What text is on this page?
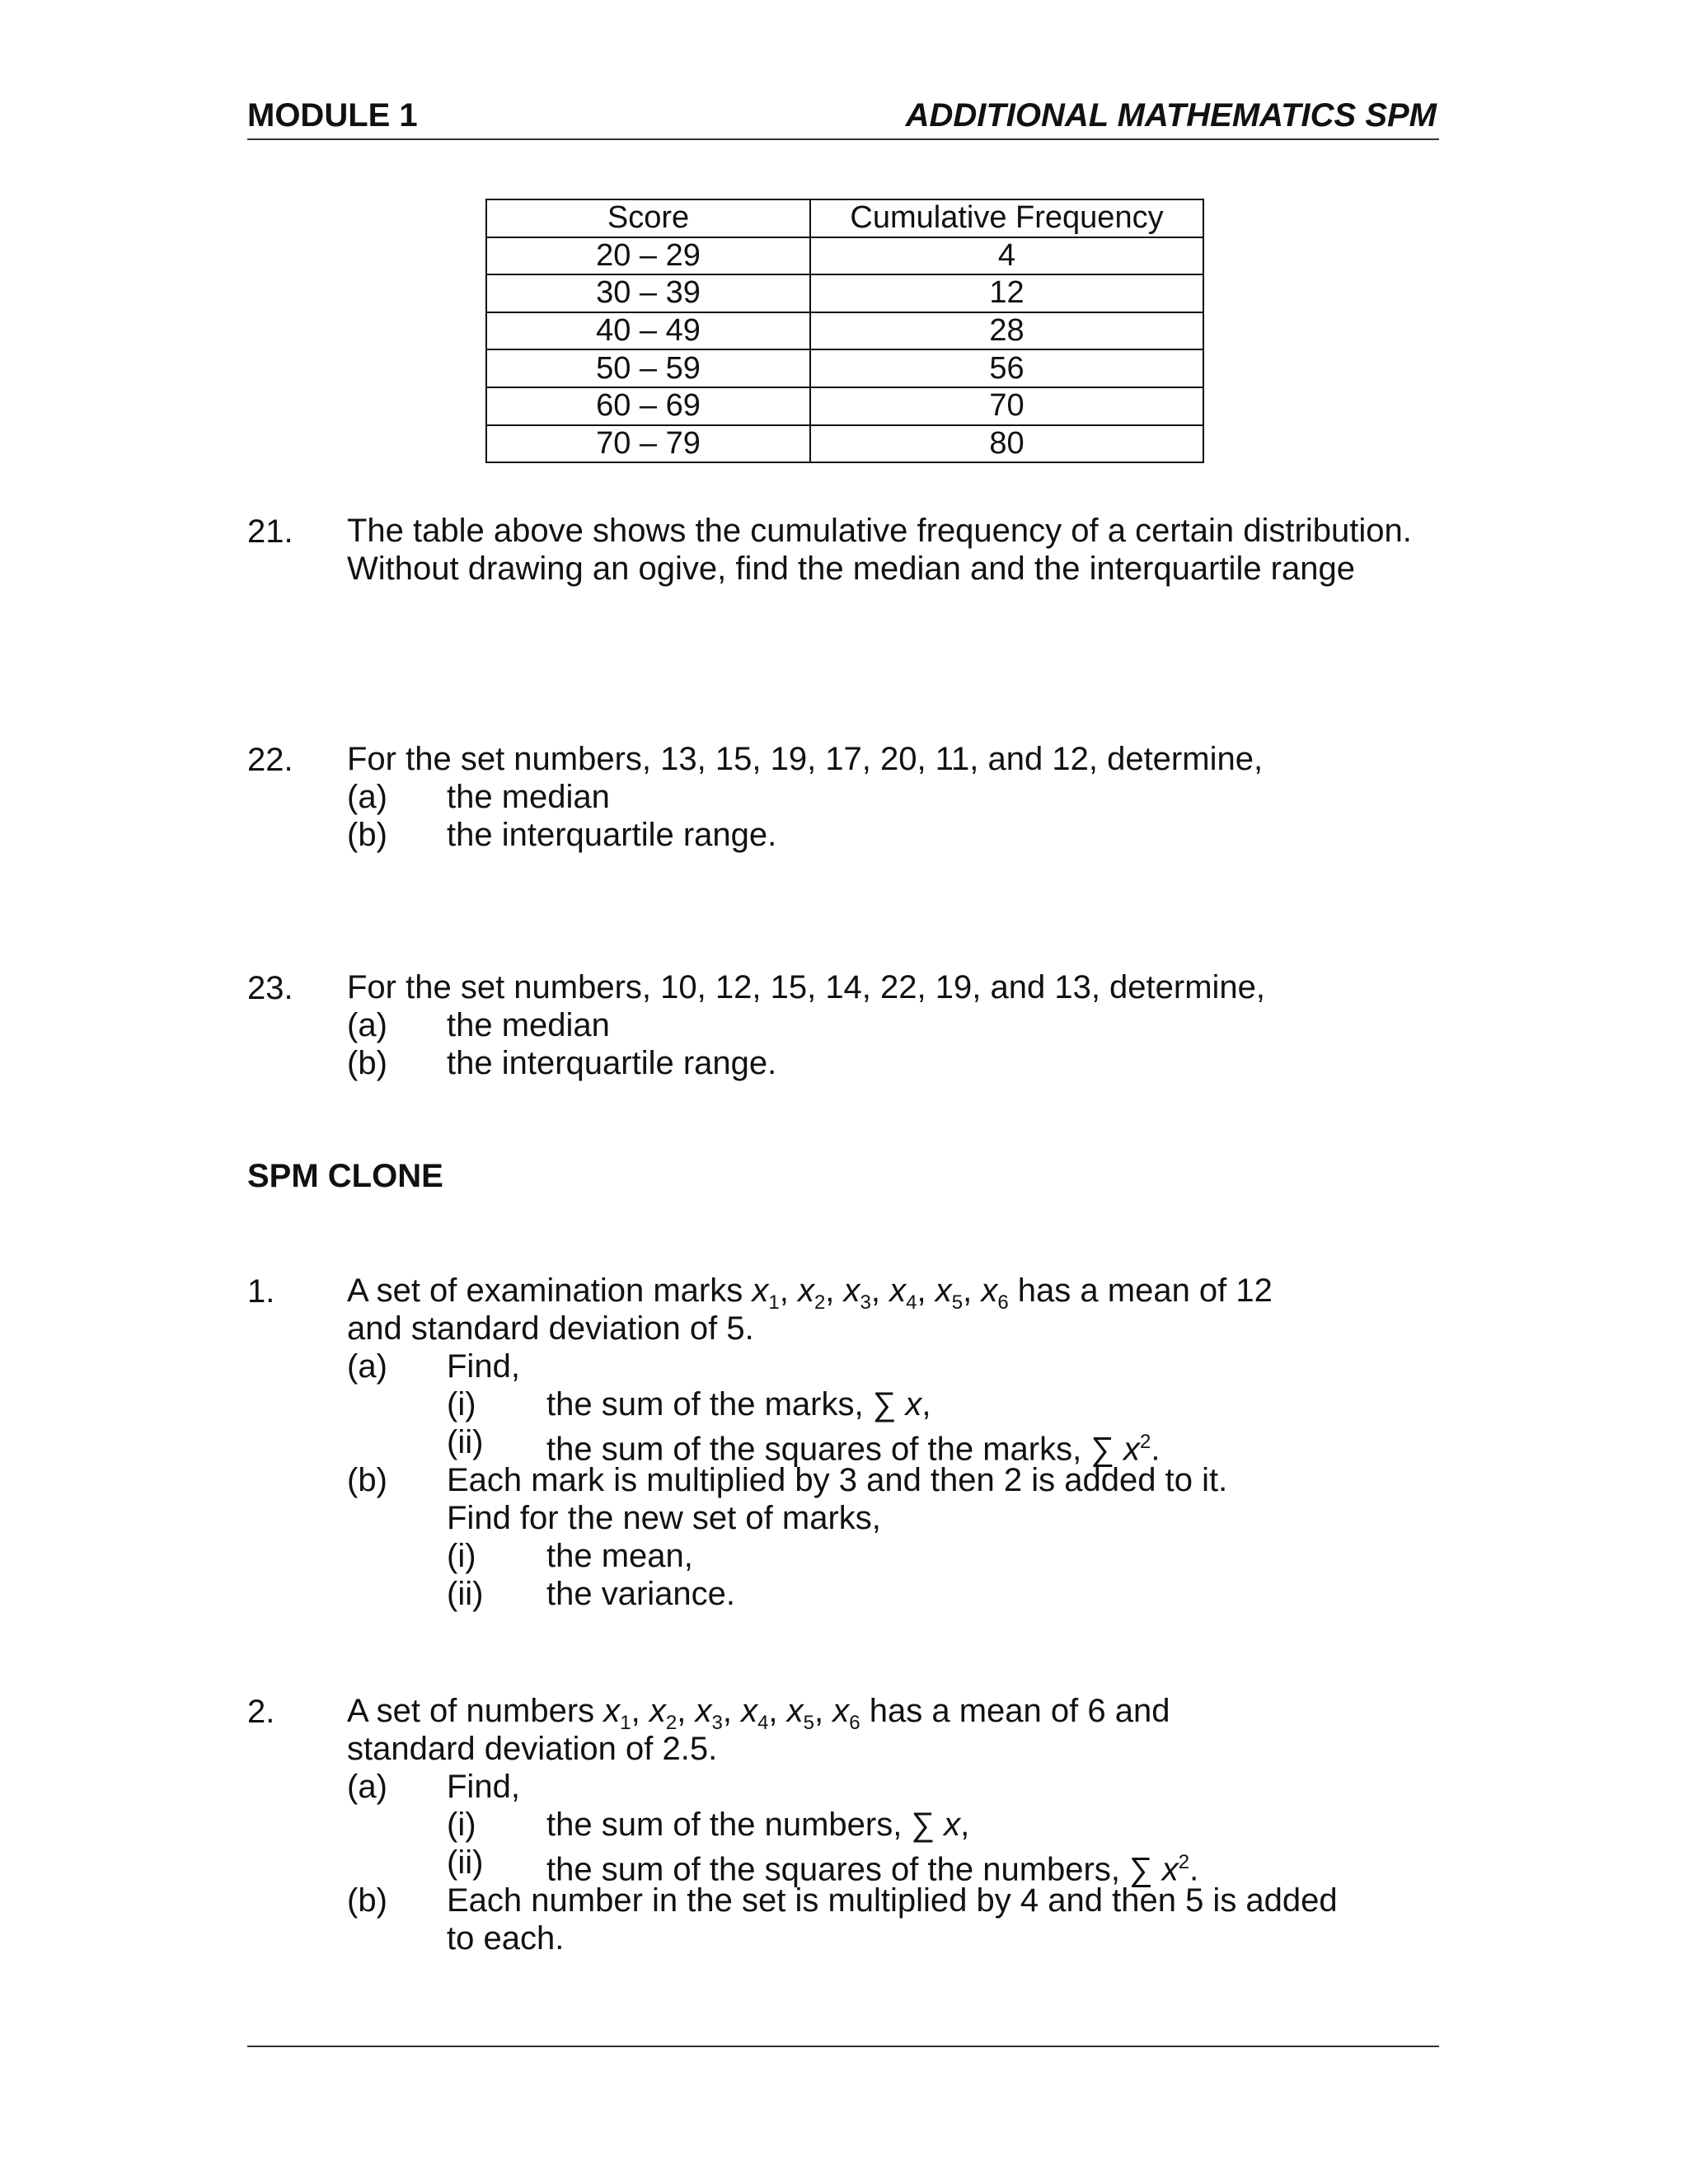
MODULE 1	ADDITIONAL MATHEMATICS SPM
Score	Cumulative Frequency
20 – 29	4
30 – 39	12
40 – 49	28
50 – 59	56
60 – 69	70
70 – 79	80
21. The table above shows the cumulative frequency of a certain distribution.
Without drawing an ogive, find the median and the interquartile range
22. For the set numbers, 13, 15, 19, 17, 20, 11, and 12, determine,
(a) the median
(b) the interquartile range.
23. For the set numbers, 10, 12, 15, 14, 22, 19, and 13, determine,
(a) the median
(b) the interquartile range.
SPM CLONE
1. A set of examination marks $x_1$, $x_2$, $x_3$, $x_4$, $x_5$, $x_6$ has a mean of 12
and standard deviation of 5.
(a) Find,
(i) the sum of the marks, ∑ x,
(ii) the sum of the squares of the marks, ∑ $x^2$.
(b) Each mark is multiplied by 3 and then 2 is added to it.
Find for the new set of marks,
(i) the mean,
(ii) the variance.
2. A set of numbers $x_1$, $x_2$, $x_3$, $x_4$, $x_5$, $x_6$ has a mean of 6 and
standard deviation of 2.5.
(a) Find,
(i) the sum of the numbers, ∑ x,
(ii) the sum of the squares of the numbers, ∑ $x^2$.
(b) Each number in the set is multiplied by 4 and then 5 is added
to each.
